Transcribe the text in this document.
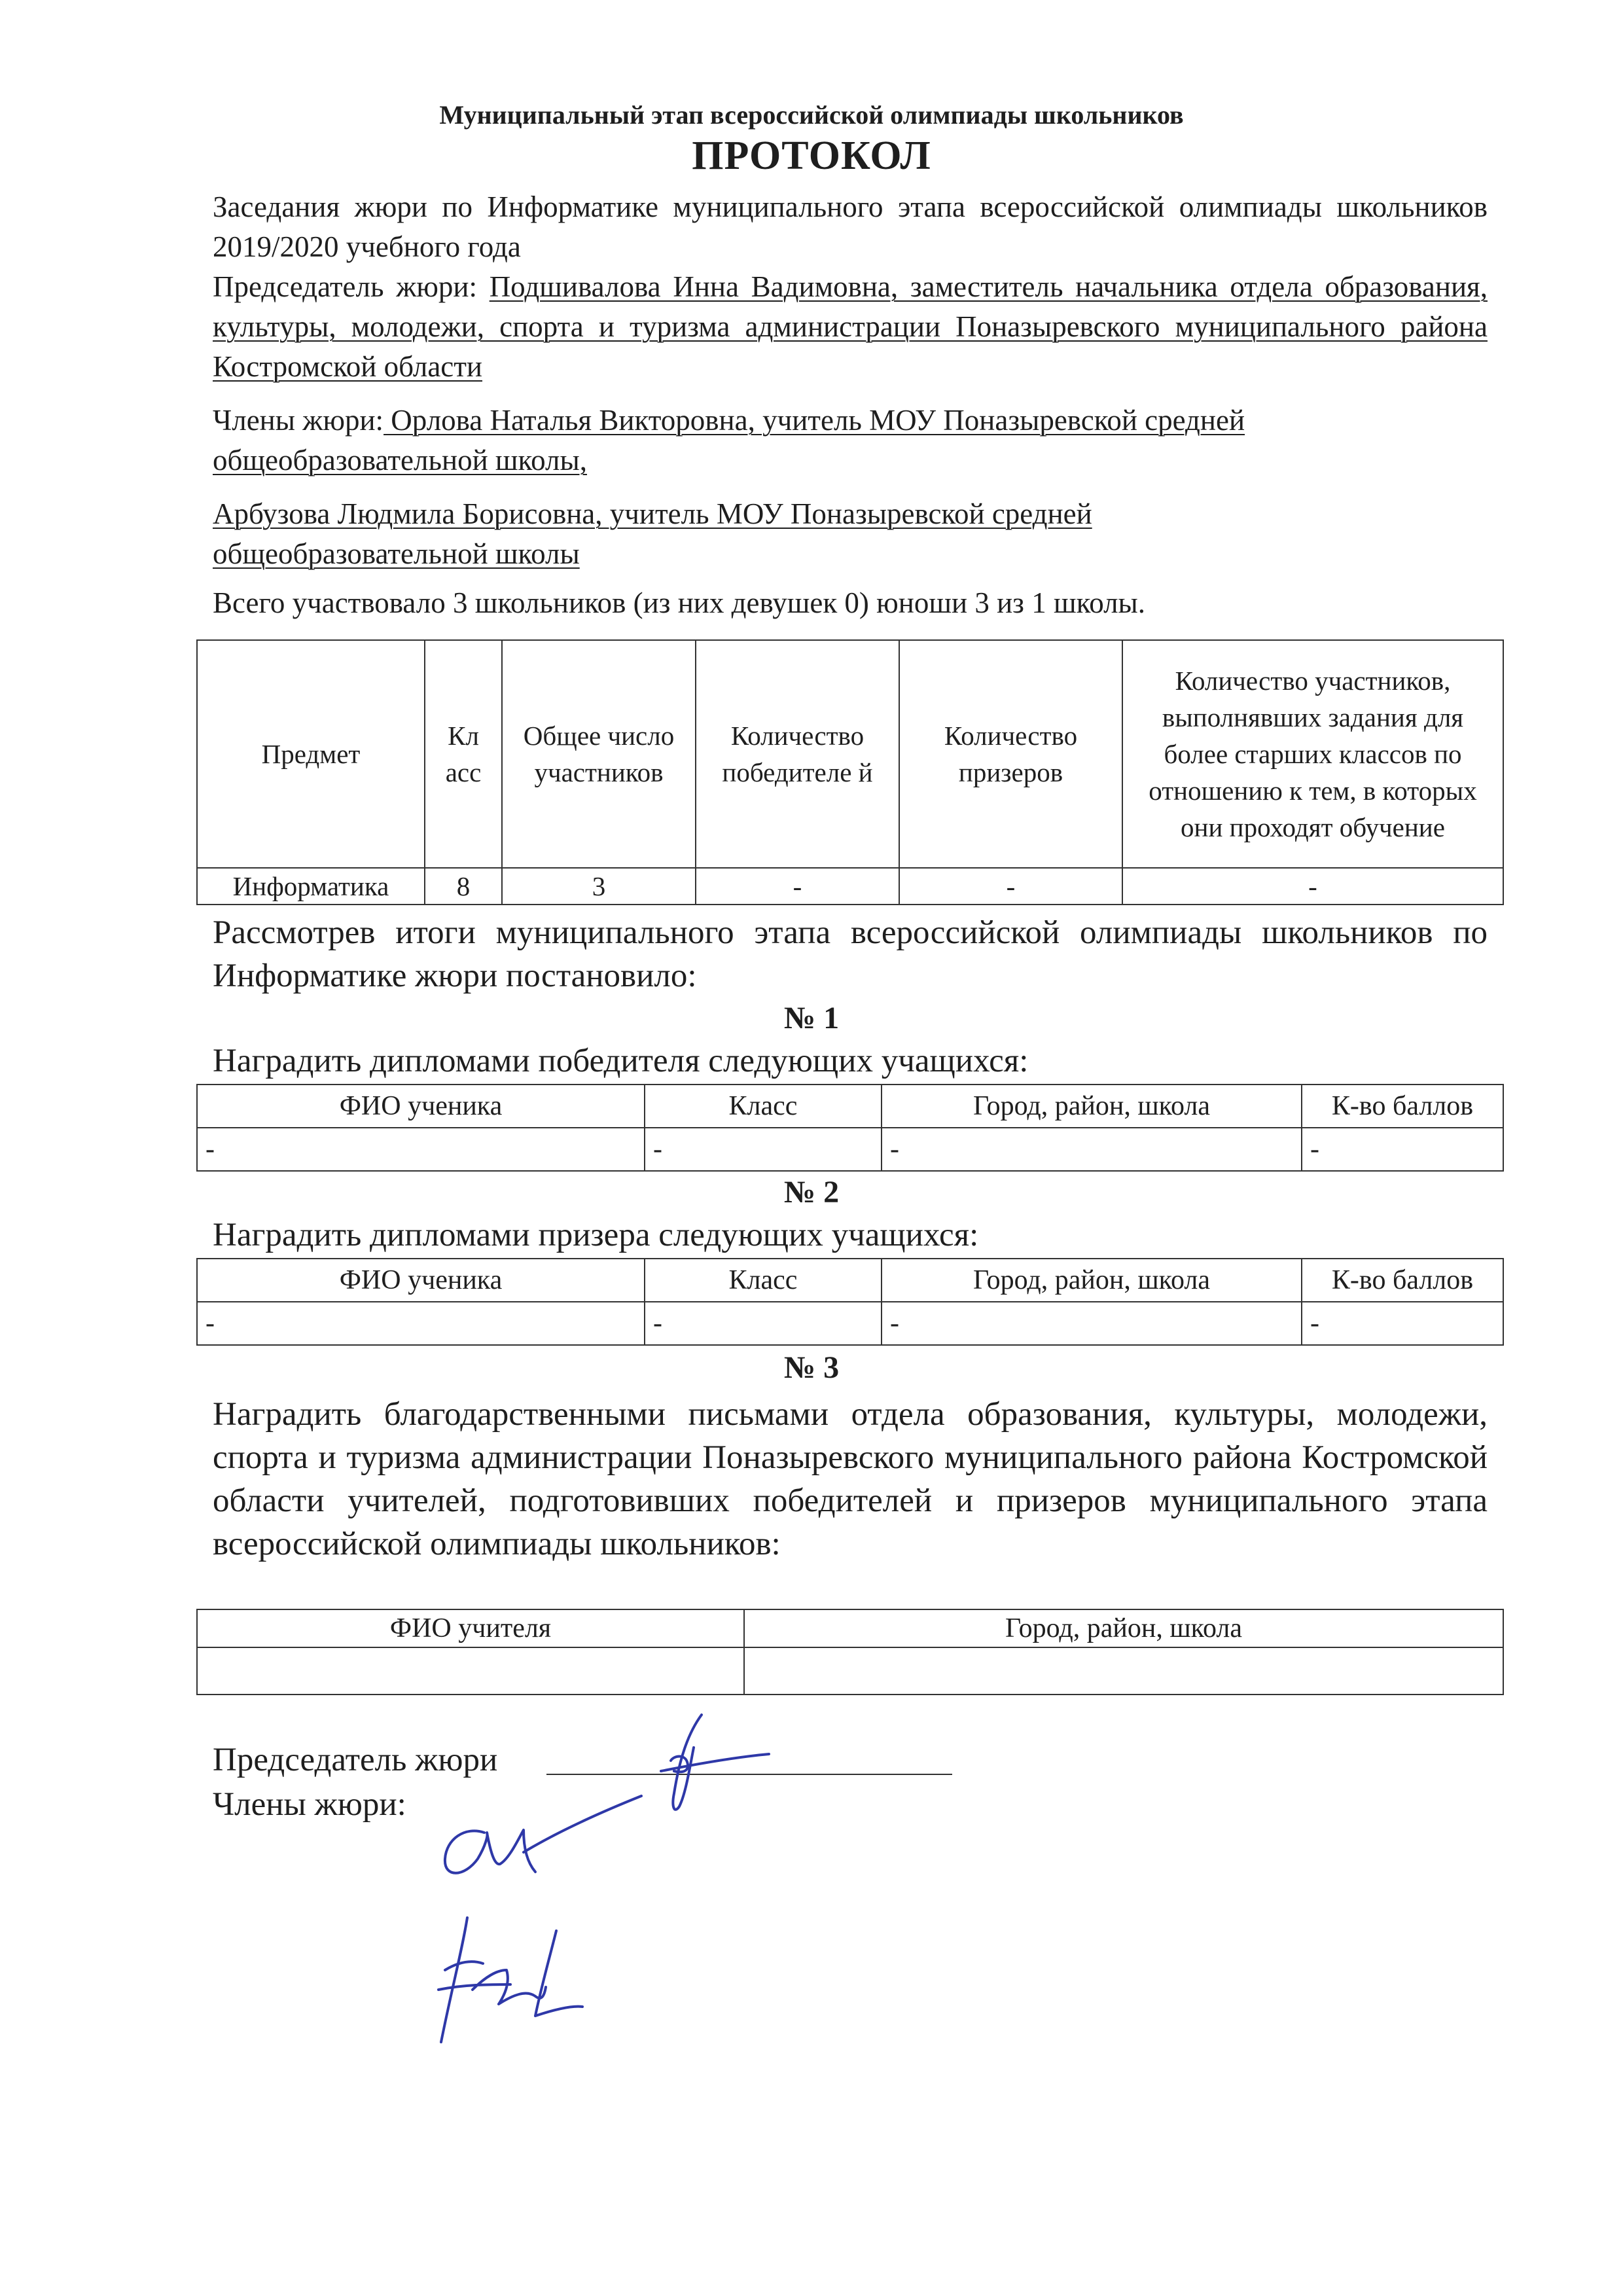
Муниципальный этап всероссийской олимпиады школьников
ПРОТОКОЛ
Заседания жюри по Информатике муниципального этапа всероссийской олимпиады школьников 2019/2020 учебного года
Председатель жюри: Подшивалова Инна Вадимовна, заместитель начальника отдела образования, культуры, молодежи, спорта и туризма администрации Поназыревского муниципального района Костромской области
Члены жюри: Орлова Наталья Викторовна, учитель МОУ Поназыревской средней общеобразовательной школы,
Арбузова Людмила Борисовна, учитель МОУ Поназыревской средней общеобразовательной школы
Всего участвовало 3 школьников (из них девушек 0) юноши 3 из 1 школы.
Предмет	Кл асс	Общее число участников	Количество победителе й	Количество призеров	Количество участников, выполнявших задания для более старших классов по отношению к тем, в которых они проходят обучение
Информатика	8	3	-	-	-
Рассмотрев итоги муниципального этапа всероссийской олимпиады школьников по Информатике жюри постановило:
№ 1
Наградить дипломами победителя следующих учащихся:
ФИО ученика	Класс	Город, район, школа	К-во баллов
-	-	-	-
№ 2
Наградить дипломами призера следующих учащихся:
ФИО ученика	Класс	Город, район, школа	К-во баллов
-	-	-	-
№ 3
Наградить благодарственными письмами отдела образования, культуры, молодежи, спорта и туризма администрации Поназыревского муниципального района Костромской области учителей, подготовивших победителей и призеров муниципального этапа всероссийской олимпиады школьников:
ФИО учителя	Город, район, школа

Председатель жюри
Члены жюри:
